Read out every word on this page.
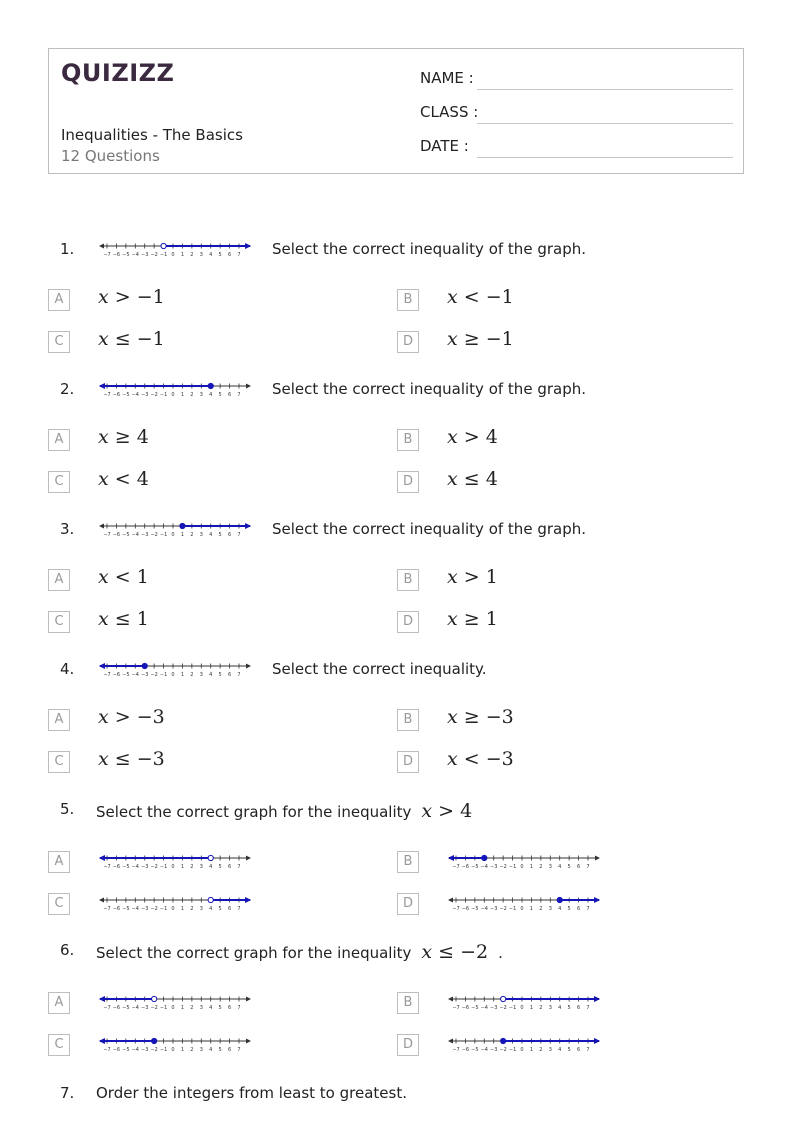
QUIZIZZ
Inequalities - The Basics
12 Questions
NAME :
CLASS :
DATE :
1.	−7 −6 −5 −4 −3 −2 −1 0 1 2 3 4 5 6 7 Select the correct inequality of the graph.
A	x > −1	B	x < −1
C	x ≤ −1	D	x ≥ −1
2.	−7 −6 −5 −4 −3 −2 −1 0 1 2 3 4 5 6 7 Select the correct inequality of the graph.
A	x ≥ 4	B	x > 4
C	x < 4	D	x ≤ 4
3.	−7 −6 −5 −4 −3 −2 −1 0 1 2 3 4 5 6 7 Select the correct inequality of the graph.
A	x < 1	B	x > 1
C	x ≤ 1	D	x ≥ 1
4.	−7 −6 −5 −4 −3 −2 −1 0 1 2 3 4 5 6 7 Select the correct inequality.
A	x > −3	B	x ≥ −3
C	x ≤ −3	D	x < −3
5. Select the correct graph for the inequality x > 4
A	−7 −6 −5 −4 −3 −2 −1 0 1 2 3 4 5 6 7	B	−7 −6 −5 −4 −3 −2 −1 0 1 2 3 4 5 6 7
C	−7 −6 −5 −4 −3 −2 −1 0 1 2 3 4 5 6 7	D	−7 −6 −5 −4 −3 −2 −1 0 1 2 3 4 5 6 7
6. Select the correct graph for the inequality x ≤ −2 .
A	−7 −6 −5 −4 −3 −2 −1 0 1 2 3 4 5 6 7	B	−7 −6 −5 −4 −3 −2 −1 0 1 2 3 4 5 6 7
C	−7 −6 −5 −4 −3 −2 −1 0 1 2 3 4 5 6 7	D	−7 −6 −5 −4 −3 −2 −1 0 1 2 3 4 5 6 7
7. Order the integers from least to greatest.
